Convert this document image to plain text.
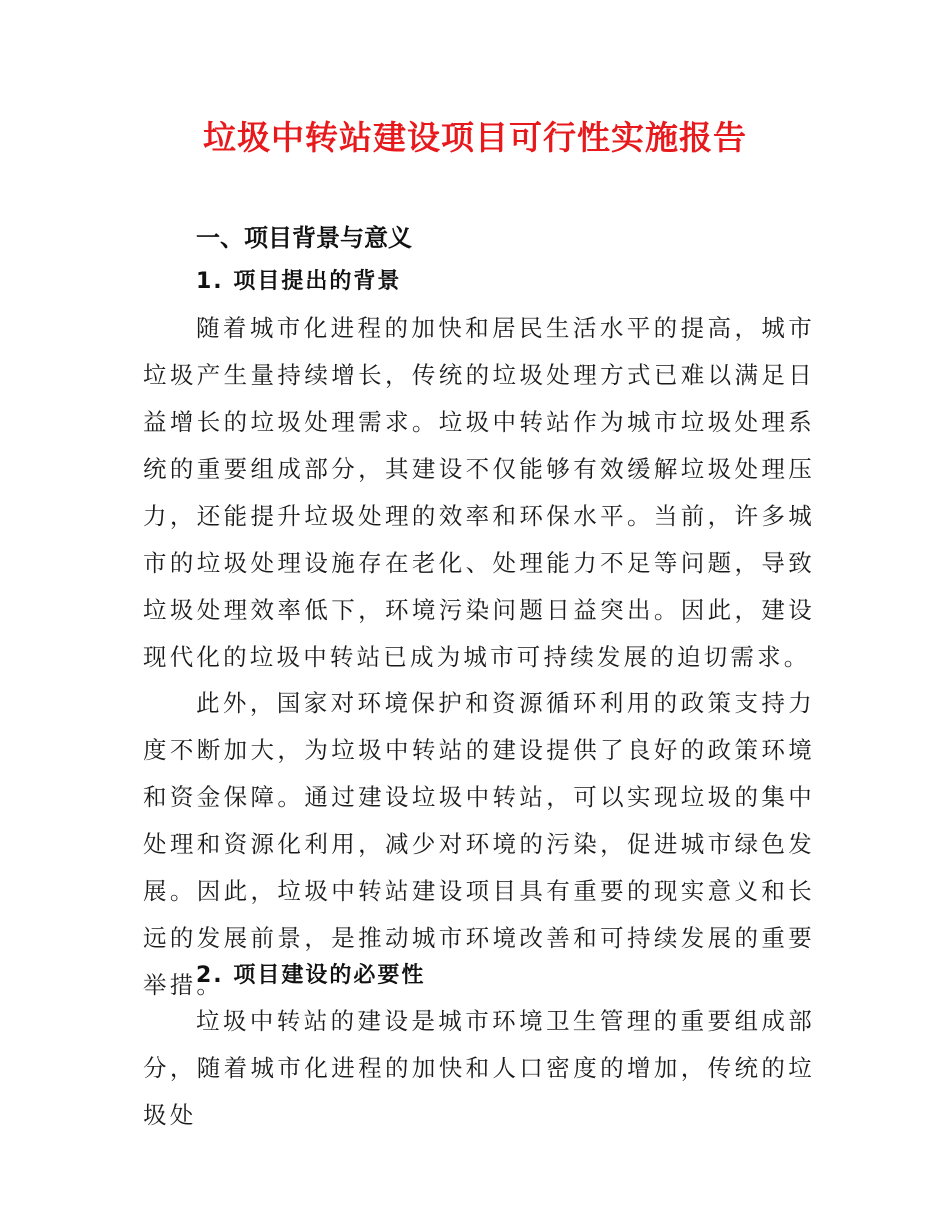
垃圾中转站建设项目可行性实施报告
一、项目背景与意义
1. 项目提出的背景

随着城市化进程的加快和居民生活水平的提高，城市垃圾产生量持续增长，传统的垃圾处理方式已难以满足日益增长的垃圾处理需求。垃圾中转站作为城市垃圾处理系统的重要组成部分，其建设不仅能够有效缓解垃圾处理压力，还能提升垃圾处理的效率和环保水平。当前，许多城市的垃圾处理设施存在老化、处理能力不足等问题，导致垃圾处理效率低下，环境污染问题日益突出。因此，建设现代化的垃圾中转站已成为城市可持续发展的迫切需求。

此外，国家对环境保护和资源循环利用的政策支持力度不断加大，为垃圾中转站的建设提供了良好的政策环境和资金保障。通过建设垃圾中转站，可以实现垃圾的集中处理和资源化利用，减少对环境的污染，促进城市绿色发展。因此，垃圾中转站建设项目具有重要的现实意义和长远的发展前景，是推动城市环境改善和可持续发展的重要举措。

2. 项目建设的必要性

垃圾中转站的建设是城市环境卫生管理的重要组成部分，随着城市化进程的加快和人口密度的增加，传统的垃圾处
